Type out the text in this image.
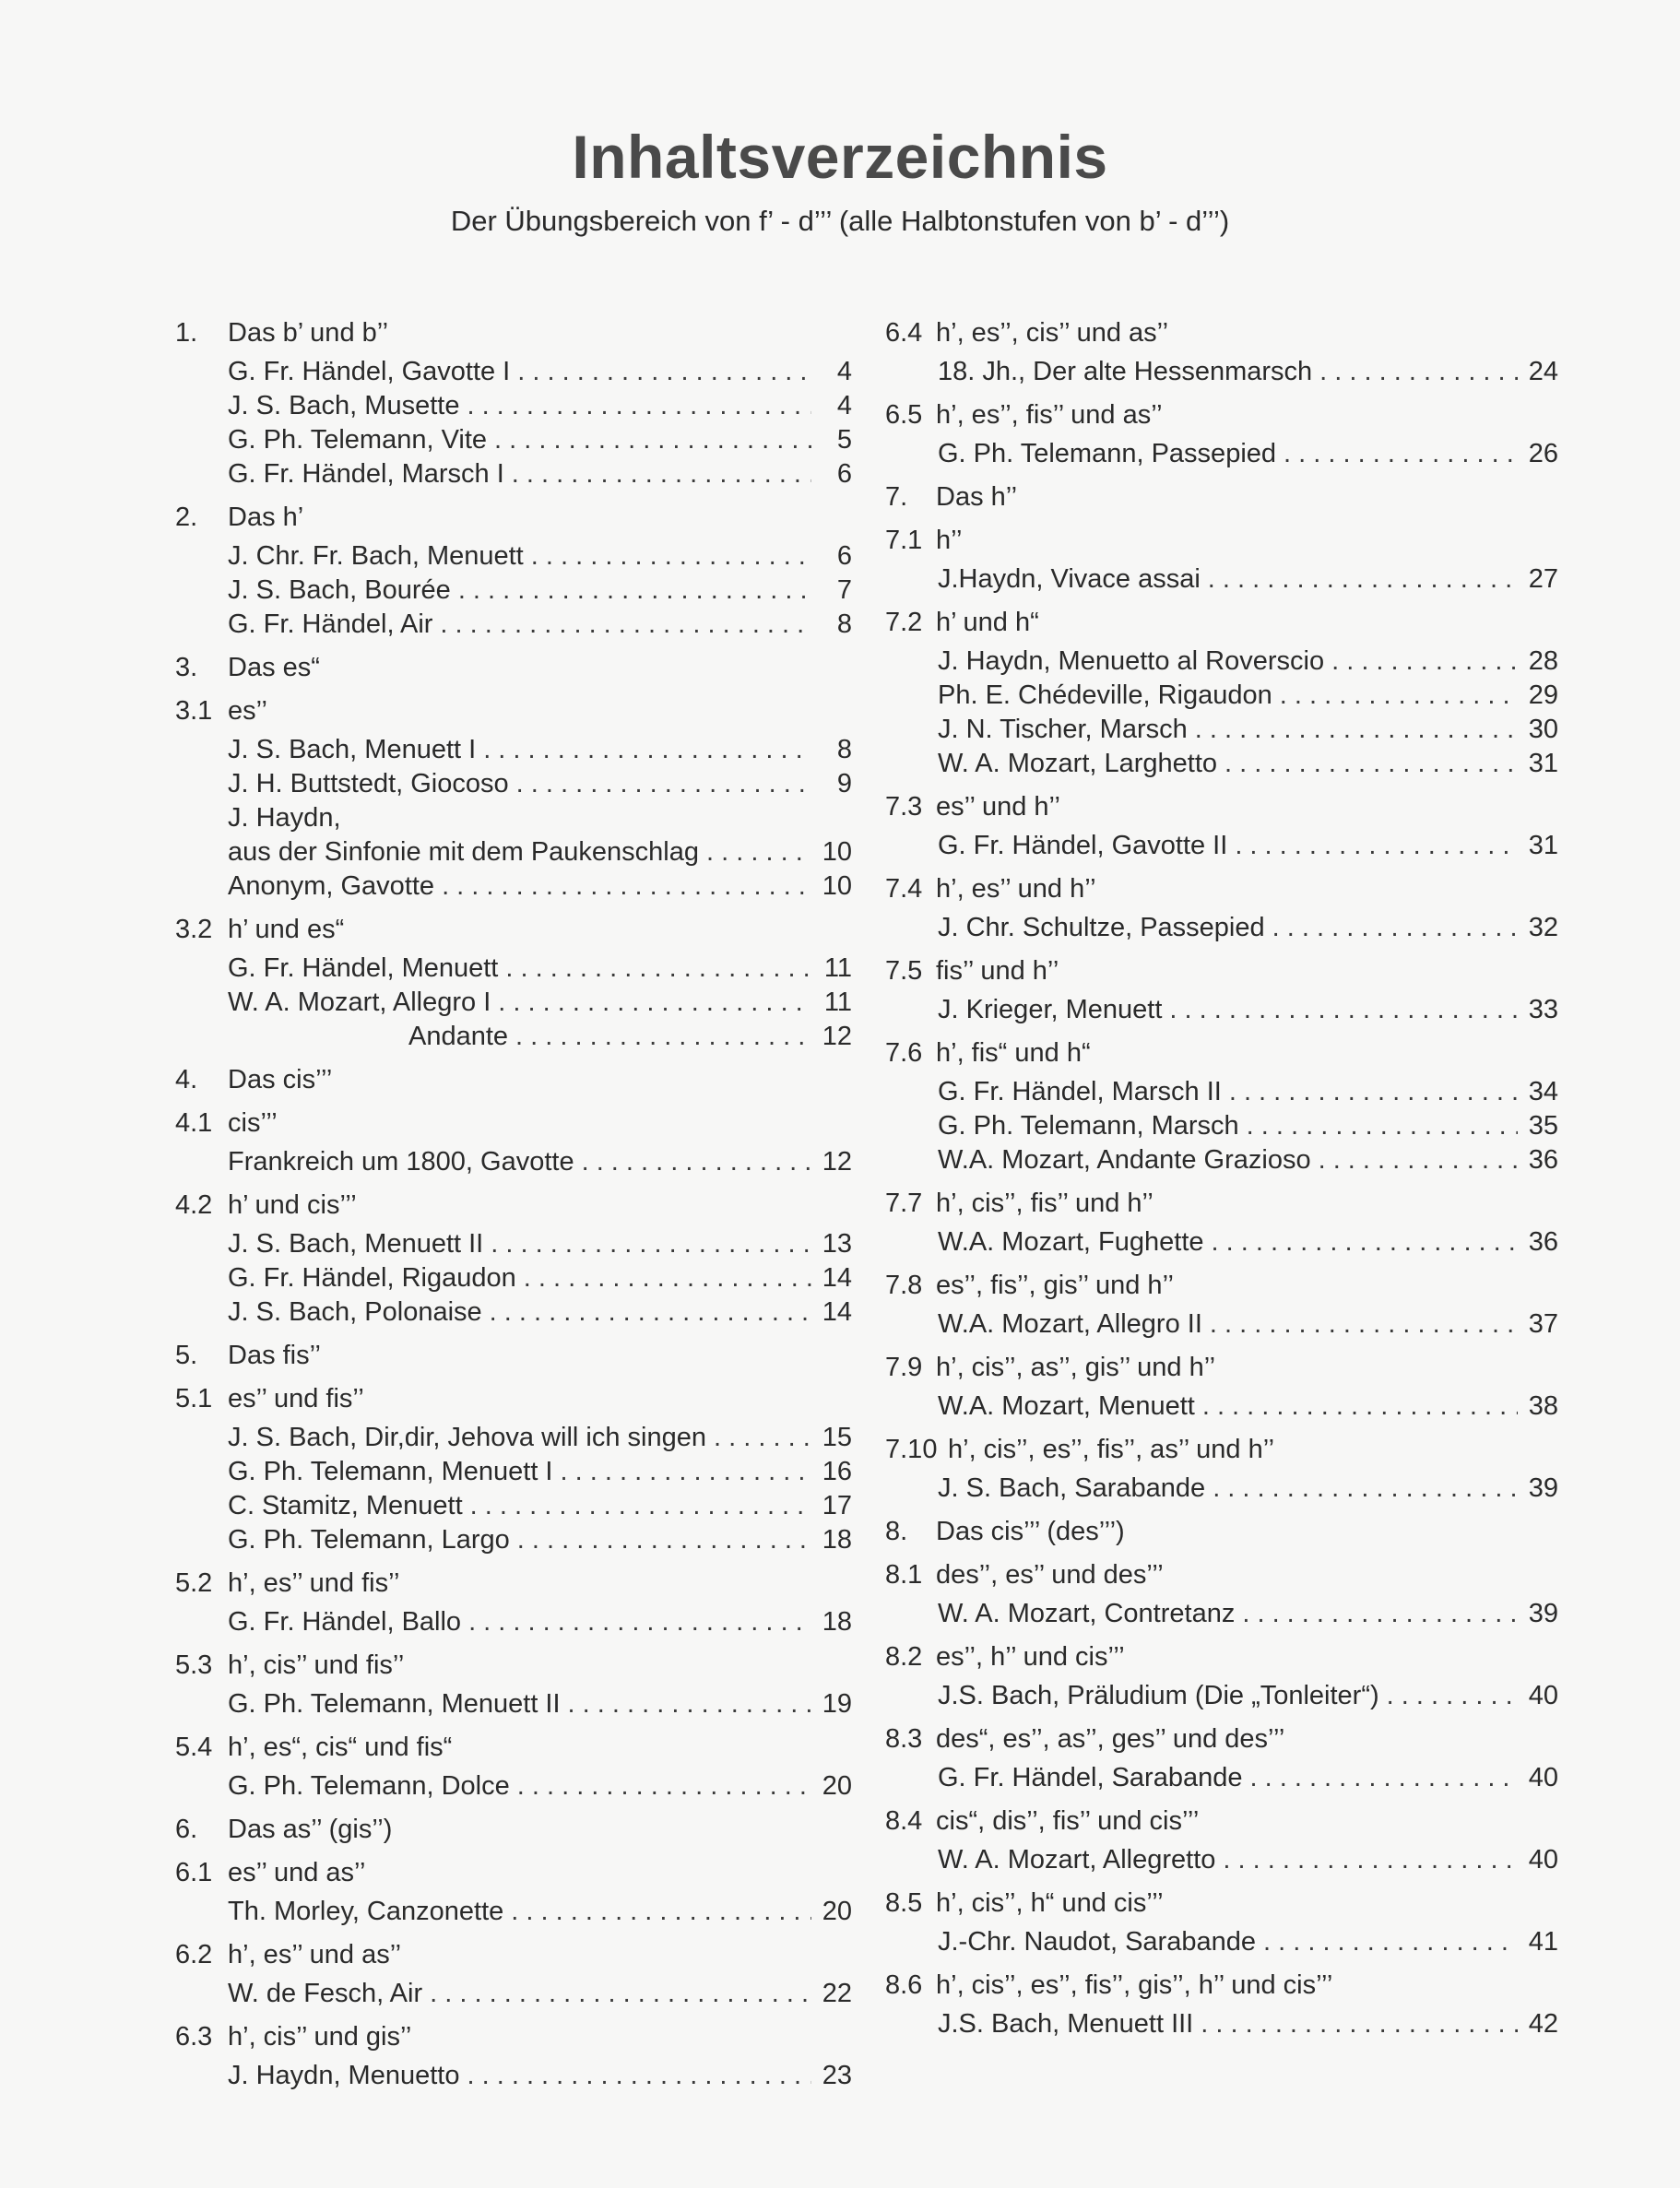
Inhaltsverzeichnis
Der Übungsbereich von f’ - d’’’ (alle Halbtonstufen von b’ - d’’’)
1. Das b’ und b’’
G. Fr. Händel, Gavotte I . . .	4
J. S. Bach, Musette . . .	4
G. Ph. Telemann, Vite . . .	5
G. Fr. Händel, Marsch I . . .	6
2. Das h’
J. Chr. Fr. Bach, Menuett . . .	6
J. S. Bach, Bourée . . .	7
G. Fr. Händel, Air . . .	8
3. Das es“
3.1 es’’
J. S. Bach, Menuett I . . .	8
J. H. Buttstedt, Giocoso . . .	9
J. Haydn,
aus der Sinfonie mit dem Paukenschlag . . .	10
Anonym, Gavotte . . .	10
3.2 h’ und es“
G. Fr. Händel, Menuett . . .	11
W. A. Mozart, Allegro I . . .	11
Andante . . .	12
4. Das cis’’’
4.1 cis’’’
Frankreich um 1800, Gavotte . . .	12
4.2 h’ und cis’’’
J. S. Bach, Menuett II . . .	13
G. Fr. Händel, Rigaudon . . .	14
J. S. Bach, Polonaise . . .	14
5. Das fis’’
5.1 es’’ und fis’’
J. S. Bach, Dir,dir, Jehova will ich singen . . .	15
G. Ph. Telemann, Menuett I . . .	16
C. Stamitz, Menuett . . .	17
G. Ph. Telemann, Largo . . .	18
5.2 h’, es’’ und fis’’
G. Fr. Händel, Ballo . . .	18
5.3 h’, cis’’ und fis’’
G. Ph. Telemann, Menuett II . . .	19
5.4 h’, es“, cis“ und fis“
G. Ph. Telemann, Dolce . . .	20
6. Das as’’ (gis’’)
6.1 es’’ und as’’
Th. Morley, Canzonette . . .	20
6.2 h’, es’’ und as’’
W. de Fesch, Air . . .	22
6.3 h’, cis’’ und gis’’
J. Haydn, Menuetto . . .	23
6.4 h’, es’’, cis’’ und as’’
18. Jh., Der alte Hessenmarsch . . .	24
6.5 h’, es’’, fis’’ und as’’
G. Ph. Telemann, Passepied . . .	26
7. Das h’’
7.1 h’’
J.Haydn, Vivace assai . . .	27
7.2 h’ und h“
J. Haydn, Menuetto al Roverscio . . .	28
Ph. E. Chédeville, Rigaudon . . .	29
J. N. Tischer, Marsch . . .	30
W. A. Mozart, Larghetto . . .	31
7.3 es’’ und h’’
G. Fr. Händel, Gavotte II . . .	31
7.4 h’, es’’ und h’’
J. Chr. Schultze, Passepied . . .	32
7.5 fis’’ und h’’
J. Krieger, Menuett . . .	33
7.6 h’, fis“ und h“
G. Fr. Händel, Marsch II . . .	34
G. Ph. Telemann, Marsch . . .	35
W.A. Mozart, Andante Grazioso . . .	36
7.7 h’, cis’’, fis’’ und h’’
W.A. Mozart, Fughette . . .	36
7.8 es’’, fis’’, gis’’ und h’’
W.A. Mozart, Allegro II . . .	37
7.9 h’, cis’’, as’’, gis’’ und h’’
W.A. Mozart, Menuett . . .	38
7.10 h’, cis’’, es’’, fis’’, as’’ und h’’
J. S. Bach, Sarabande . . .	39
8. Das cis’’’ (des’’’)
8.1 des’’, es’’ und des’’’
W. A. Mozart, Contretanz . . .	39
8.2 es’’, h’’ und cis’’’
J.S. Bach, Präludium (Die „Tonleiter“) . . .	40
8.3 des“, es’’, as’’, ges’’ und des’’’
G. Fr. Händel, Sarabande . . .	40
8.4 cis“, dis’’, fis’’ und cis’’’
W. A. Mozart, Allegretto . . .	40
8.5 h’, cis’’, h“ und cis’’’
J.-Chr. Naudot, Sarabande . . .	41
8.6 h’, cis’’, es’’, fis’’, gis’’, h’’ und cis’’’
J.S. Bach, Menuett III . . .	42
